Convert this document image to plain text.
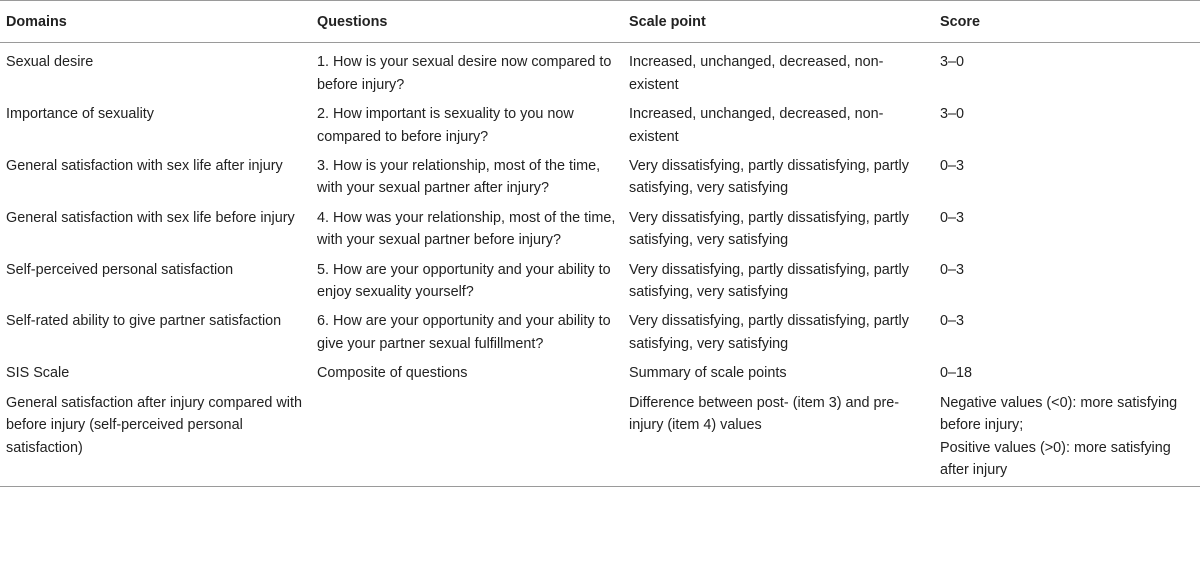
Domains	Questions	Scale point	Score
Sexual desire	1. How is your sexual desire now compared to before injury?	Increased, unchanged, decreased, non-existent	3–0

Importance of sexuality	2. How important is sexuality to you now compared to before injury?	Increased, unchanged, decreased, non-existent	3–0

General satisfaction with sex life after injury	3. How is your relationship, most of the time, with your sexual partner after injury?	Very dissatisfying, partly dissatisfying, partly satisfying, very satisfying	0–3

General satisfaction with sex life before injury	4. How was your relationship, most of the time, with your sexual partner before injury?	Very dissatisfying, partly dissatisfying, partly satisfying, very satisfying	0–3

Self-perceived personal satisfaction	5. How are your opportunity and your ability to enjoy sexuality yourself?	Very dissatisfying, partly dissatisfying, partly satisfying, very satisfying	0–3

Self-rated ability to give partner satisfaction	6. How are your opportunity and your ability to give your partner sexual fulfillment?	Very dissatisfying, partly dissatisfying, partly satisfying, very satisfying	0–3

SIS Scale	Composite of questions	Summary of scale points	0–18

General satisfaction after injury compared with before injury (self-perceived personal satisfaction)		Difference between post- (item 3) and pre-injury (item 4) values	Negative values (<0): more satisfying before injury;
Positive values (>0): more satisfying after injury
